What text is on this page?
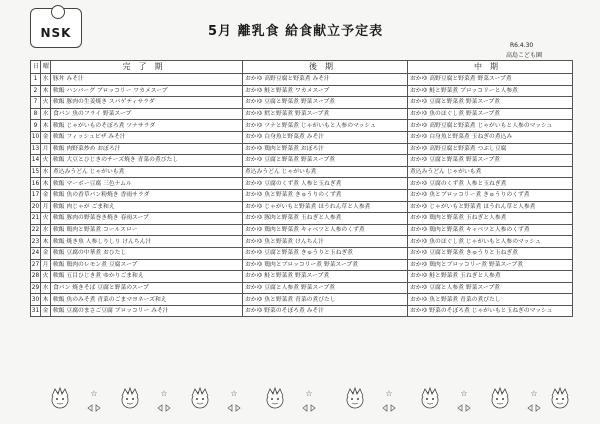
NSK	5月 離乳食 給食献立予定表
R6.4.30
高島こども園
日	曜	完了期	後期	中期
1	水	豚丼 みそ汁	おかゆ 高野豆腐と野菜煮 みそ汁	おかゆ 高野豆腐と野菜煮 野菜スープ煮
2	木	軟飯 ハンバーグ ブロッコリー ワカメスープ	おかゆ 鮭と野菜煮 ワカメスープ	おかゆ 鮭と野菜煮 ブロッコリーと人参煮
7	火	軟飯 豚肉の生姜焼き スパゲティサラダ	おかゆ 豆腐と野菜煮 野菜スープ煮	おかゆ 豆腐と野菜煮 野菜スープ煮
8	水	食パン 魚のフライ 野菜スープ	おかゆ 鱈と野菜煮 野菜スープ煮	おかゆ 魚のほぐし煮 野菜スープ煮
9	木	軟飯 じゃがいものそぼろ煮 ツナサラダ	おかゆ ツナと野菜煮 じゃがいもと人参のマッシュ	おかゆ 高野豆腐と野菜煮 じゃがいもと人参のマッシュ
10	金	軟飯 フィッシュピザ みそ汁	おかゆ 白身魚と野菜煮 みそ汁	おかゆ 白身魚と野菜煮 玉ねぎの煮込み
13	月	軟飯 肉野菜炒め おぼろ汁	おかゆ 鶏肉と野菜煮 おぼろ汁	おかゆ 高野豆腐と野菜煮 つぶし豆腐
14	火	軟飯 大豆とひじきのチーズ焼き 青菜の煮びたし	おかゆ 豆腐と野菜煮 野菜スープ煮	おかゆ 豆腐と野菜煮 野菜スープ煮
15	水	煮込みうどん じゃがいも煮	煮込みうどん じゃがいも煮	煮込みうどん じゃがいも煮
16	木	軟飯 マーボー豆腐 三色ナムル	おかゆ 豆腐のくず煮 人参と玉ねぎ煮	おかゆ 豆腐のくず煮 人参と玉ねぎ煮
17	金	軟飯 魚の香草パン粉焼き 香雨サラダ	おかゆ 魚と野菜煮 きゅうりのくず煮	おかゆ 魚とブロッコリー煮 きゅうりのくず煮
20	月	軟飯 肉じゃが ごま和え	おかゆ じゃがいもと野菜煮 ほうれん草と人参煮	おかゆ じゃがいもと野菜煮 ほうれん草と人参煮
21	火	軟飯 豚肉の野菜巻き焼き 春雨スープ	おかゆ 豚肉と野菜煮 玉ねぎと人参煮	おかゆ 鶏肉と野菜煮 玉ねぎと人参煮
22	水	軟飯 鶏肉と野菜煮 コールスロー	おかゆ 鶏肉と野菜煮 キャベツと人参のくず煮	おかゆ 鶏肉と野菜煮 キャベツと人参のくず煮
23	木	軟飯 焼き魚 人参しりしり けんちん汁	おかゆ 魚と野菜煮 けんちん汁	おかゆ 魚のほぐし煮 じゃがいもと人参のマッシュ
24	金	軟飯 豆腐の中華煮 おひたし	おかゆ 豆腐と野菜煮 きゅうりと玉ねぎ煮	おかゆ 豆腐と野菜煮 きゅうりと玉ねぎ煮
27	月	軟飯 鶏肉のレモン煮 豆腐スープ	おかゆ 鶏肉とブロッコリー煮 野菜スープ煮	おかゆ 鶏肉とブロッコリー煮 野菜スープ煮
28	火	軟飯 五目ひじき煮 ゆかりごま和え	おかゆ 鮭と野菜煮 野菜スープ煮	おかゆ 鮭と野菜煮 玉ねぎと人参煮
29	水	食パン 焼きそば 豆腐と野菜のスープ	おかゆ 豆腐と人参煮 野菜スープ煮	おかゆ 豆腐と人参煮 野菜スープ煮
30	木	軟飯 魚のみそ煮 青菜のごまマヨネーズ和え	おかゆ 魚と野菜煮 青菜の煮びたし	おかゆ 魚と野菜煮 青菜の煮びたし
31	金	軟飯 豆腐のまさご豆腐 ブロッコリー みそ汁	おかゆ 野菜のそぼろ煮 みそ汁	おかゆ 野菜のそぼろ煮 じゃがいもと玉ねぎのマッシュ
☆	☆	☆	☆	☆	☆	☆
